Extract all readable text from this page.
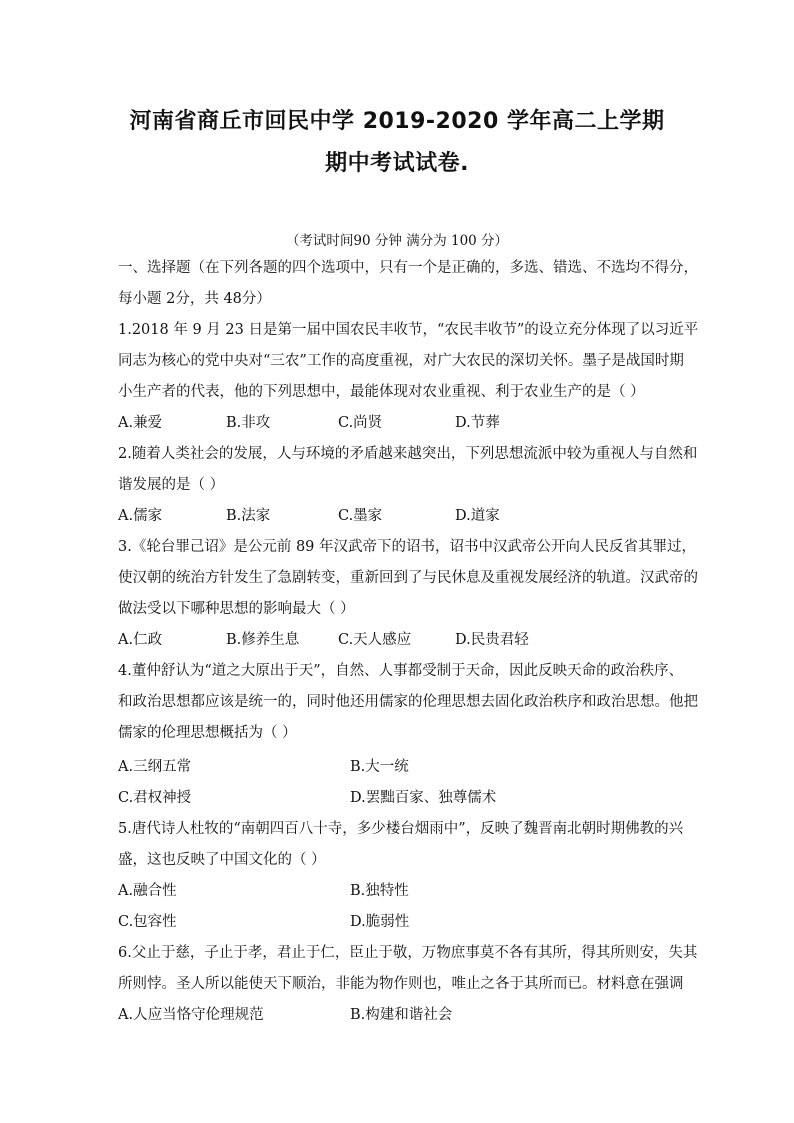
河南省商丘市回民中学 2019-2020 学年高二上学期
期中考试试卷.
（考试时间90 分钟 满分为 100 分）
一、选择题（在下列各题的四个选项中，只有一个是正确的，多选、错选、不选均不得分，
每小题 2分，共 48分）
1.2018 年 9 月 23 日是第一届中国农民丰收节，“农民丰收节”的设立充分体现了以习近平
同志为核心的党中央对“三农”工作的高度重视，对广大农民的深切关怀。墨子是战国时期
小生产者的代表，他的下列思想中，最能体现对农业重视、利于农业生产的是（ ）
A.兼爱	B.非攻	C.尚贤	D.节葬
2.随着人类社会的发展，人与环境的矛盾越来越突出，下列思想流派中较为重视人与自然和
谐发展的是（ ）
A.儒家	B.法家	C.墨家	D.道家
3.《轮台罪己诏》是公元前 89 年汉武帝下的诏书，诏书中汉武帝公开向人民反省其罪过，
使汉朝的统治方针发生了急剧转变，重新回到了与民休息及重视发展经济的轨道。汉武帝的
做法受以下哪种思想的影响最大（ ）
A.仁政	B.修养生息	C.天人感应	D.民贵君轻
4.董仲舒认为“道之大原出于天”，自然、人事都受制于天命，因此反映天命的政治秩序、
和政治思想都应该是统一的，同时他还用儒家的伦理思想去固化政治秩序和政治思想。他把
儒家的伦理思想概括为（ ）
A.三纲五常	B.大一统
C.君权神授	D.罢黜百家、独尊儒术
5.唐代诗人杜牧的“南朝四百八十寺，多少楼台烟雨中”，反映了魏晋南北朝时期佛教的兴
盛，这也反映了中国文化的（ ）
A.融合性	B.独特性
C.包容性	D.脆弱性
6.父止于慈，子止于孝，君止于仁，臣止于敬，万物庶事莫不各有其所，得其所则安，失其
所则悖。圣人所以能使天下顺治，非能为物作则也，唯止之各于其所而已。材料意在强调
A.人应当恪守伦理规范	B.构建和谐社会
